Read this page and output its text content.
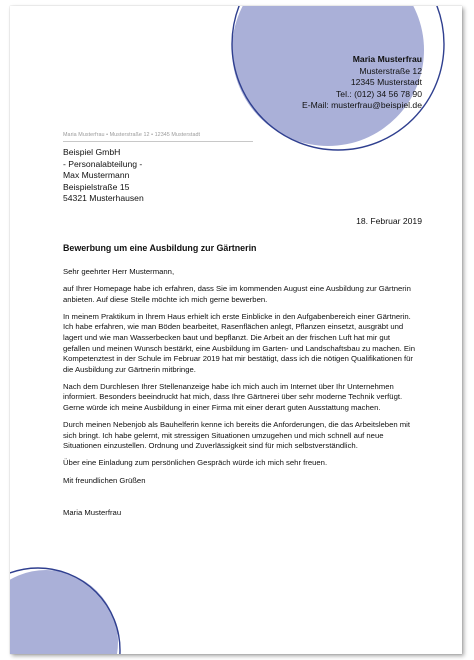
Maria Musterfrau
Musterstraße 12
12345 Musterstadt
Tel.: (012) 34 56 78 90
E-Mail: musterfrau@beispiel.de
Maria Musterfrau • Musterstraße 12 • 12345 Musterstadt
Beispiel GmbH
- Personalabteilung -
Max Mustermann
Beispielstraße 15
54321 Musterhausen
18. Februar 2019
Bewerbung um eine Ausbildung zur Gärtnerin

Sehr geehrter Herr Mustermann,

auf Ihrer Homepage habe ich erfahren, dass Sie im kommenden August eine Ausbildung zur Gärtnerin anbieten. Auf diese Stelle möchte ich mich gerne bewerben.

In meinem Praktikum in Ihrem Haus erhielt ich erste Einblicke in den Aufgabenbereich einer Gärtnerin. Ich habe erfahren, wie man Böden bearbeitet, Rasenflächen anlegt, Pflanzen einsetzt, ausgräbt und lagert und wie man Wasserbecken baut und bepflanzt. Die Arbeit an der frischen Luft hat mir gut gefallen und meinen Wunsch bestärkt, eine Ausbildung im Garten- und Landschaftsbau zu machen. Ein Kompetenztest in der Schule im Februar 2019 hat mir bestätigt, dass ich die nötigen Qualifikationen für die Ausbildung zur Gärtnerin mitbringe.

Nach dem Durchlesen Ihrer Stellenanzeige habe ich mich auch im Internet über Ihr Unternehmen informiert. Besonders beeindruckt hat mich, dass Ihre Gärtnerei über sehr moderne Technik verfügt. Gerne würde ich meine Ausbildung in einer Firma mit einer derart guten Ausstattung machen.

Durch meinen Nebenjob als Bauhelferin kenne ich bereits die Anforderungen, die das Arbeitsleben mit sich bringt. Ich habe gelernt, mit stressigen Situationen umzugehen und mich schnell auf neue Situationen einzustellen. Ordnung und Zuverlässigkeit sind für mich selbstverständlich.

Über eine Einladung zum persönlichen Gespräch würde ich mich sehr freuen.

Mit freundlichen Grüßen

Maria Musterfrau
